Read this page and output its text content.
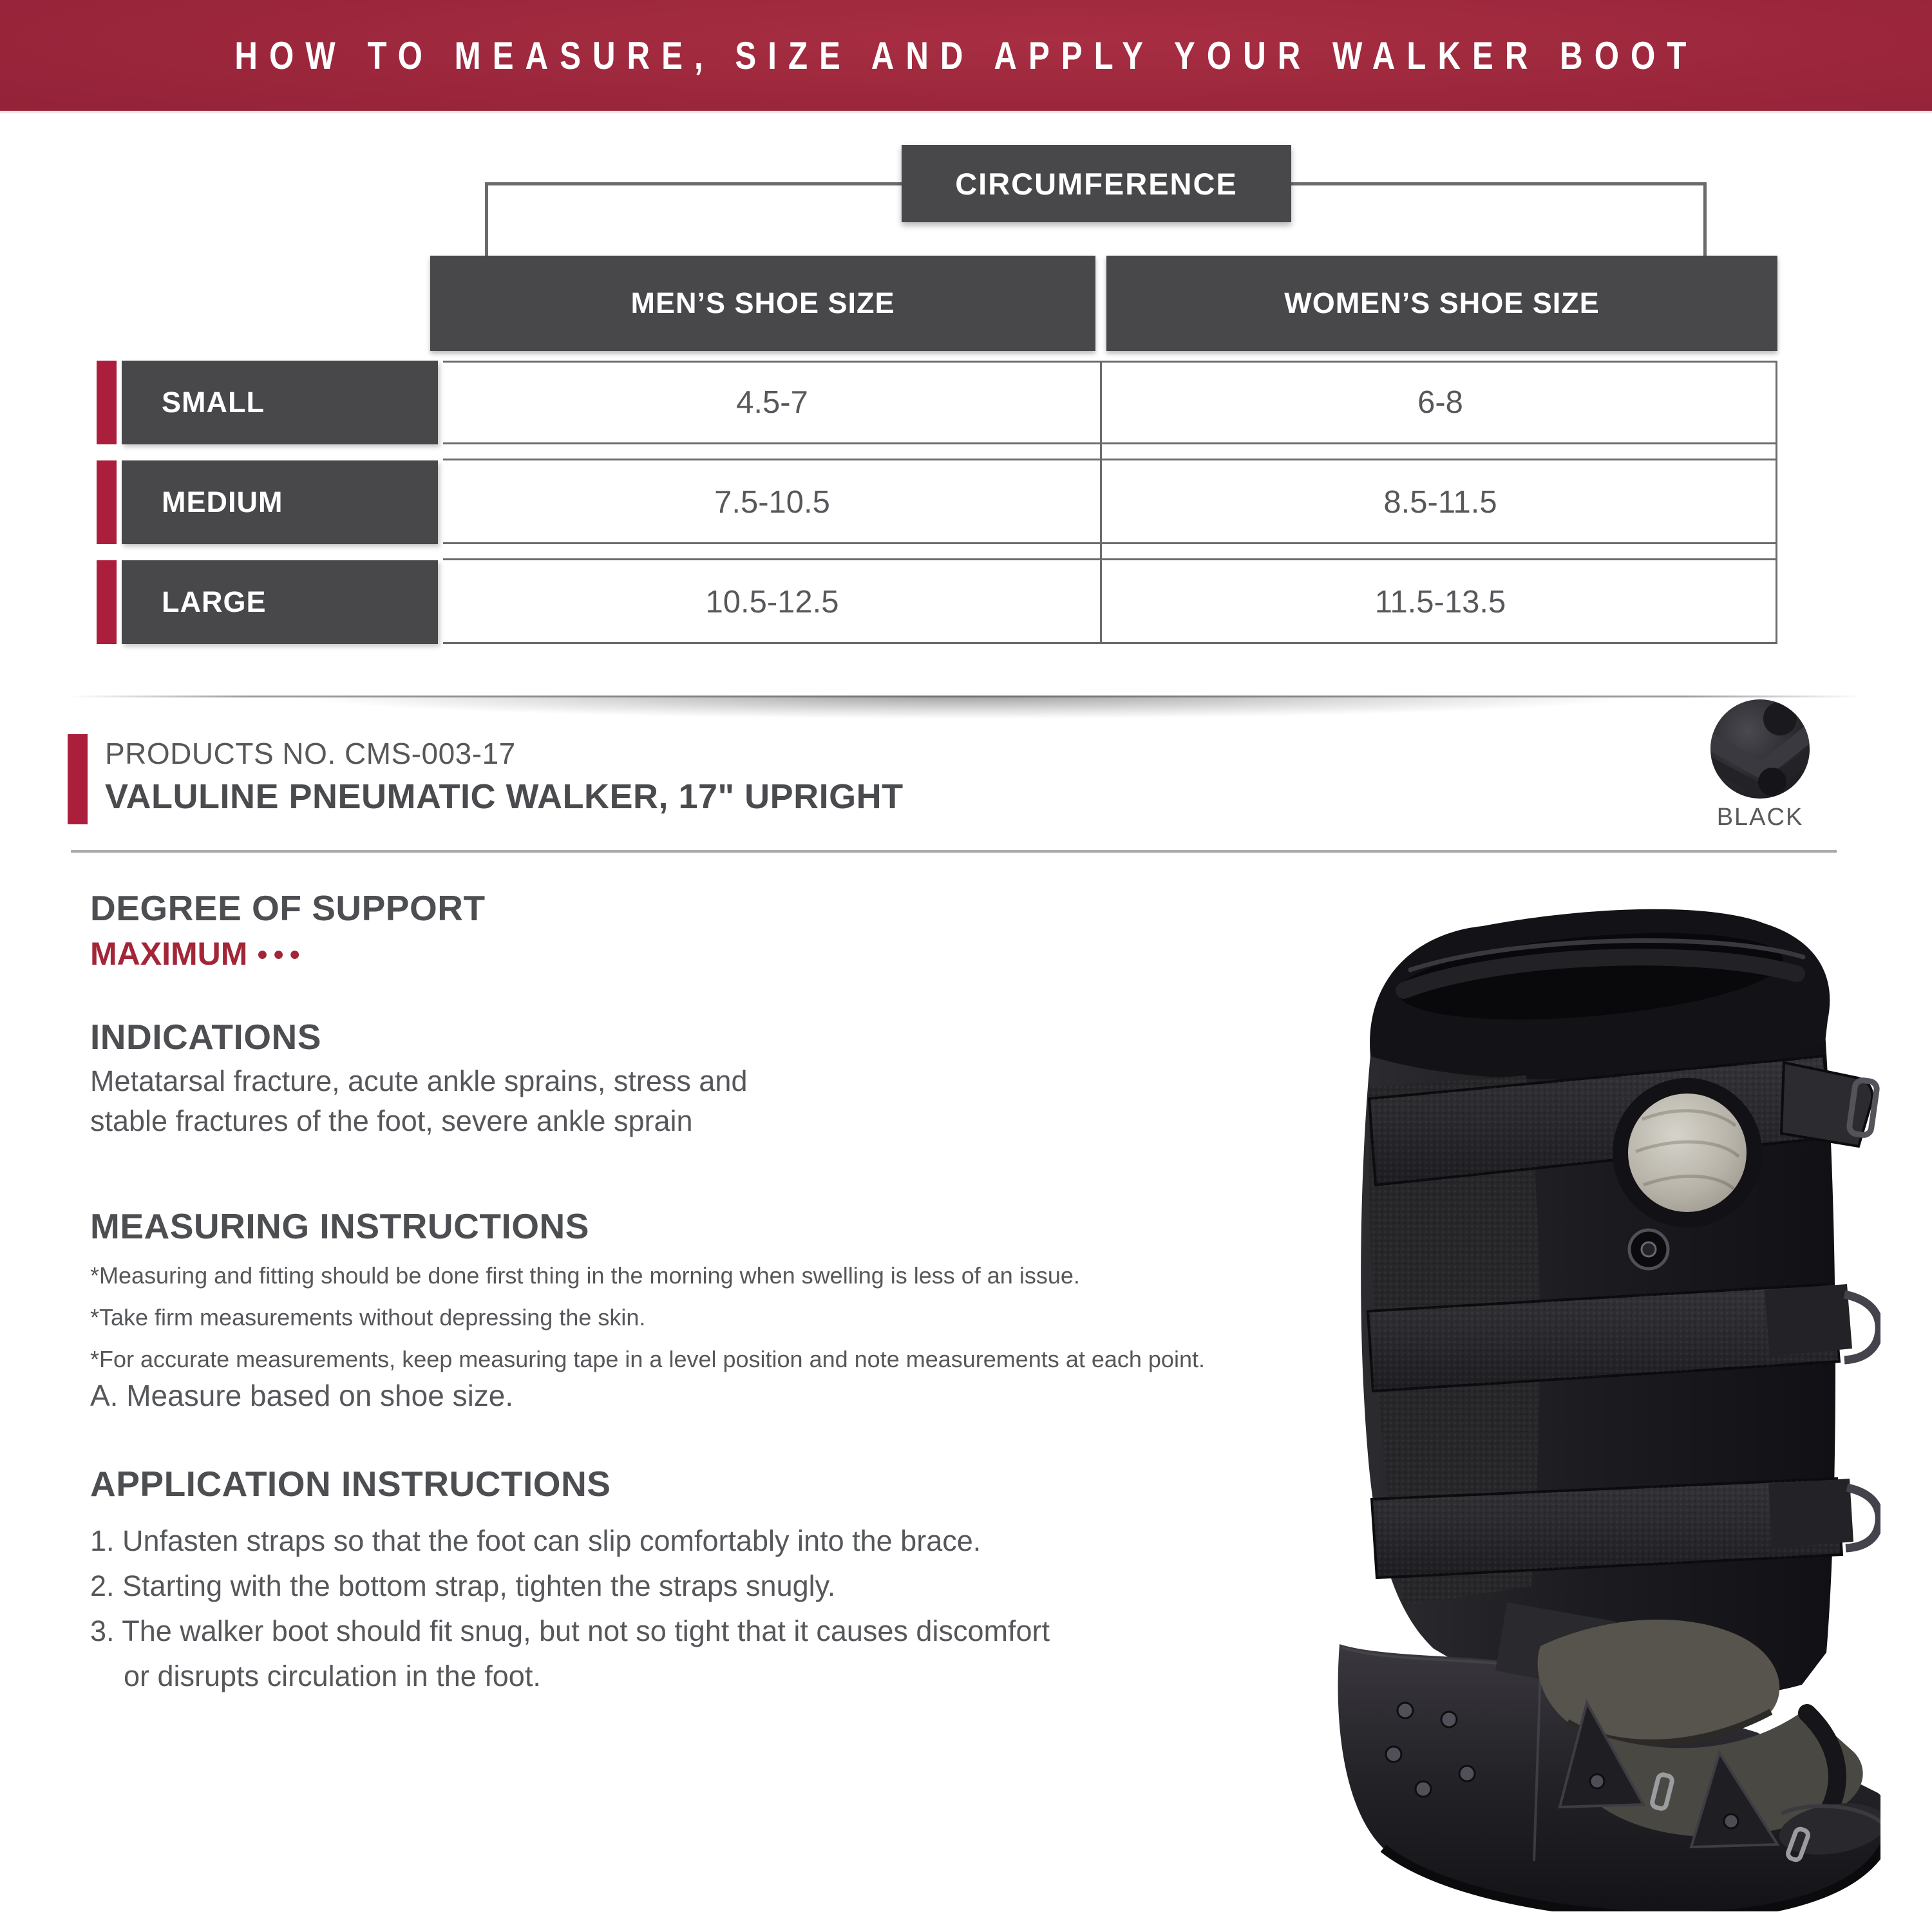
HOW TO MEASURE, SIZE AND APPLY YOUR WALKER BOOT
CIRCUMFERENCE
MEN’S SHOE SIZE	WOMEN’S SHOE SIZE
SMALL	4.5-7	6-8
MEDIUM	7.5-10.5	8.5-11.5
LARGE	10.5-12.5	11.5-13.5
PRODUCTS NO. CMS-003-17
VALULINE PNEUMATIC WALKER, 17" UPRIGHT
BLACK
DEGREE OF SUPPORT
MAXIMUM ●●●
INDICATIONS
Metatarsal fracture, acute ankle sprains, stress and
stable fractures of the foot, severe ankle sprain
MEASURING INSTRUCTIONS
*Measuring and fitting should be done first thing in the morning when swelling is less of an issue.
*Take firm measurements without depressing the skin.
*For accurate measurements, keep measuring tape in a level position and note measurements at each point.
A. Measure based on shoe size.
APPLICATION INSTRUCTIONS
1. Unfasten straps so that the foot can slip comfortably into the brace.
2. Starting with the bottom strap, tighten the straps snugly.
3. The walker boot should fit snug, but not so tight that it causes discomfort
or disrupts circulation in the foot.
